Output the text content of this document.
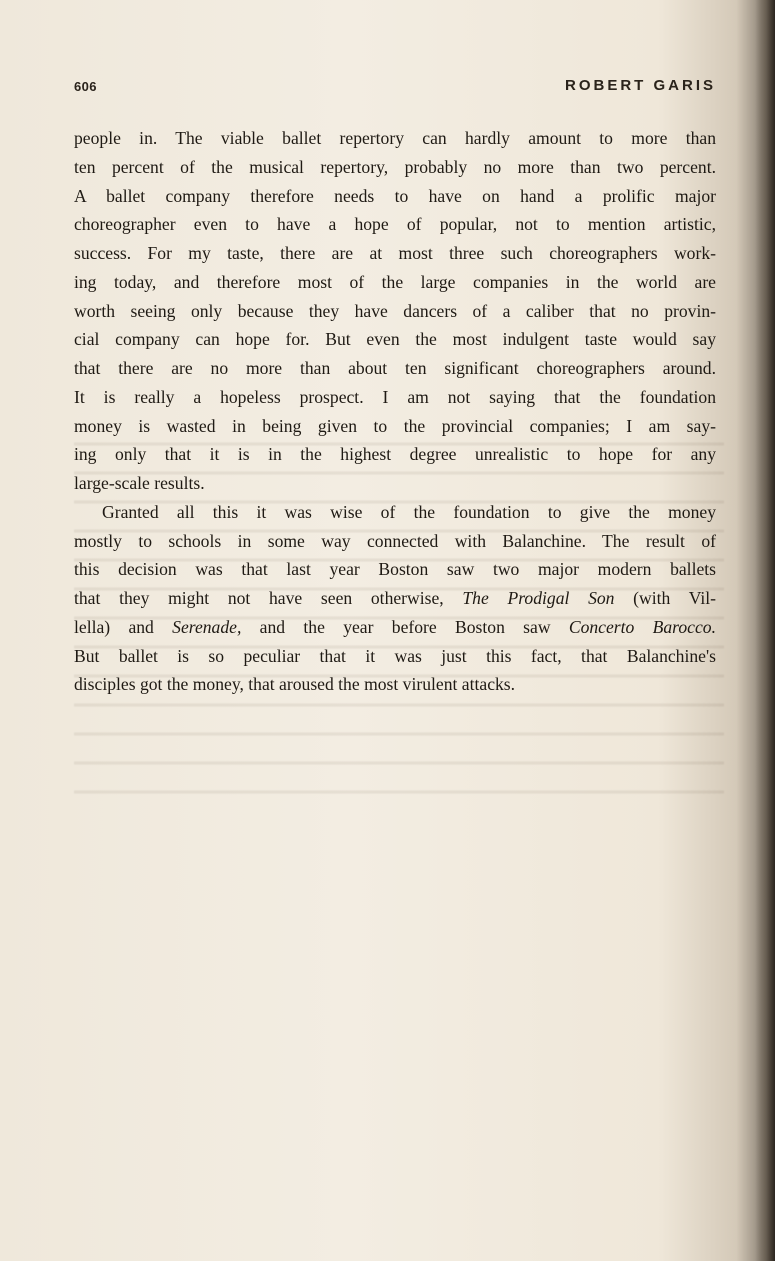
606	ROBERT GARIS
people in. The viable ballet repertory can hardly amount to more than
ten percent of the musical repertory, probably no more than two percent.
A ballet company therefore needs to have on hand a prolific major
choreographer even to have a hope of popular, not to mention artistic,
success. For my taste, there are at most three such choreographers work-
ing today, and therefore most of the large companies in the world are
worth seeing only because they have dancers of a caliber that no provin-
cial company can hope for. But even the most indulgent taste would say
that there are no more than about ten significant choreographers around.
It is really a hopeless prospect. I am not saying that the foundation
money is wasted in being given to the provincial companies; I am say-
ing only that it is in the highest degree unrealistic to hope for any
large-scale results.
Granted all this it was wise of the foundation to give the money
mostly to schools in some way connected with Balanchine. The result of
this decision was that last year Boston saw two major modern ballets
that they might not have seen otherwise, The Prodigal Son (with Vil-
lella) and Serenade, and the year before Boston saw Concerto Barocco.
But ballet is so peculiar that it was just this fact, that Balanchine's
disciples got the money, that aroused the most virulent attacks.
